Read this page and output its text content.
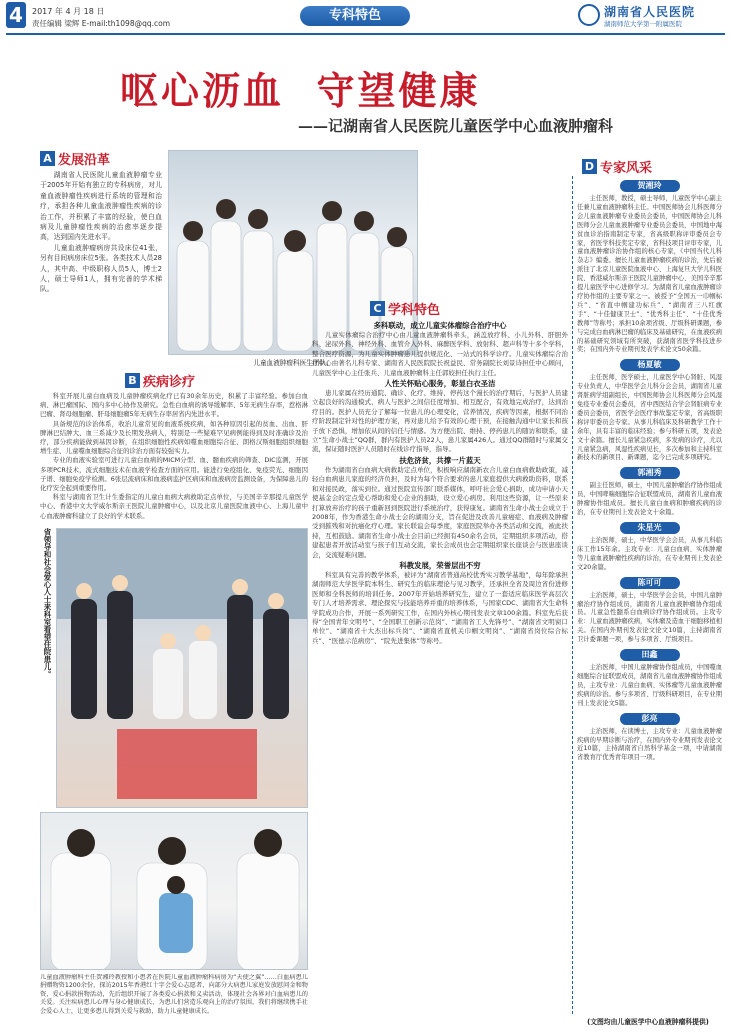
4	2017 年 4 月 18 日
责任编辑 梁辉 E-mail:th1098@qq.com
专科特色	湖南省人民医院
湖南师范大学第一附属医院
呕心沥血  守望健康
——记湖南省人民医院儿童医学中心血液肿瘤科
A 发展沿革

湖南省人民医院儿童血液肿瘤专业于2005年开始有独立的专科病房，对儿童血液肿瘤性疾病进行系统的管理和治疗，承担各种儿童血液肿瘤性疾病的诊治工作，并积累了丰富的经验，使白血病及儿童肿瘤性疾病的治愈率逐步提高，达到国内先进水平。

儿童血液肿瘤病房共设床位41张，另有目间病房床位5张。各类技术人员28人，其中高、中级职称人员5人，博士2人，硕士导师1人，拥有完善的学术梯队。

儿童血液肿瘤科医生团队。
B 疾病诊疗

科室开展儿童白血病及儿童肿瘤疾病化疗已有30余年历史，积累了丰富经验。参加白血病、淋巴瘤国际、国内多中心协作及研究。急性白血病的诱导缓解率、5年无病生存率，惹格淋巴瘤、肾母细胞瘤、肝母细胞瘤5年无病生存率居省内先进水平。

具备规范的诊治体系，收治儿童常见的血液系统疾病，如各种原因引起的贫血、出血、肝脾淋巴结肿大、血三系减少及长期发热病人，特别是一些疑难罕见病例能得到及时准确诊及治疗，部分疾病能做到基因诊断，在组织细胞性疾病如噬血细胞综合征、朗格汉斯细胞组织细胞增生症、儿童噬血细胞综合征的诊治方面有较强实力。

专业的血液实验室可进行儿童白血病的MICM分型、血、髓血疾病的筛查、DIC监测，开展多项PCR技术，流式细胞技术在血液学检查方面的应用。能进行免疫组化、免疫荧光、细胞因子谱、细胞免疫学检测。6张层流病床和血液病监护区病床和血液病房监测设备，为保障患儿的化疗安全起到重要作用。

科室与湖南省卫生计生委指定的儿童白血病大病救助定点单位，与美国辛辛那提儿童医学中心、香港中文大学威尔斯亲王医院儿童肿瘤中心，以及北京儿童医院血液中心、上海儿童中心血液肿瘤科建立了良好的学术联系。

省领导和社会爱心人士来科室看望住院患儿。
儿童血液肿瘤科主任贺湘玲教授和小患者在医院儿童血液肿瘤科病房为“天使之翼”……白血病患儿捐赠物资1200余份，探访2015年香港红十字会爱心志愿者，向部分大病患儿家庭发放慰问金和物资，爱心捐款捐物活动，先后组织开展了各类爱心捐款和义卖活动，体现社会各界对白血病患儿的关爱。关注疾病患儿心理与身心健康成长，为患儿们营造乐观向上的治疗氛围，我们将继续携手社会爱心人士，让更多患儿得到关爱与救助，助力儿童健康成长。
C 学科特色
多科联动，成立儿童实体瘤综合治疗中心

儿童实体瘤综合治疗中心由儿童血液肿瘤科牵头，涵盖放疗科、小儿外科、肝胆外科、泌尿外科、神经外科、血管介入外科、麻醉医学科、放射科、超声科等十多个学科，整合医疗资源，为儿童实体肿瘤患儿提供规范化、一站式的科学诊疗。儿童实体瘤综合治疗中心由著名儿科专家、湖南省人民医院院长祝益民、常务副院长刘景诗担任中心顾问，儿童医学中心主任张兵、儿童血液肿瘤科主任郭姣担任执行主任。

人性关怀贴心服务，彰显白衣圣洁

患儿家属在经历通院、确诊、化疗、维持、停药这个漫长的治疗期后，与医护人员建立起良好的沟通模式，病人与医护之间信任度增加、相互配合，有效地完成治疗，达到治疗目的。医护人员充分了解每一位患儿的心理变化，营养情况，疾病等因素，根据不同治疗阶段制定针对性的护理方案，再对患儿给予有效的心理干预，在接触沟通中让家长和孩子放下恐惧，增加依从间的信任与情感。为方便出院、维持、停药患儿的随访和联系，建立“生命小战士”QQ群，群内有医护人员22人，患儿家属426人。通过QQ群随时与家属交流，保证随时医护人员随时在线诊疗指导，指导。

扶危济贫，共撑一片蓝天

作为湖南省白血病大病救助定点单位，积极响应湖南新农合儿童白血病救助政策，减轻白血病患儿家庭的经济负担，及时为每个符合要求的患儿家庭提供大病救助资料，联系和对接民政，落实到位。通过医院宣传部门联系媒体，呼吁社会爱心捐助，成功申请小天使基金会的定点爱心帮助和爱心企业的捐助，设立爱心病房。利用这些资源，让一些原来打算放弃治疗的孩子重新回到医院进行系统治疗，获得康复。湖南省生命小战士会成立于2008年，作为香港生命小战士会的湖南分支，旨在促进及改善儿童癌症、血液病及肿瘤受到摧残和对抗癌化疗心理。家长联谊会每季度，家庭医院举办各类活动和交流，被此扶持，互相鼓励。湖南省生命小战士会目前已经拥有450余名会员，定期组织多项活动，搭建起患者开放活动室与孩子们互动交流，家长会成员也会定期组织家长座谈会与医患座谈会，交流疑难问题。

科教发展，荣誉层出不穷

科室具有完善的教学体系，被评为“湖南省普通高校优秀实习教学基地”，每年除承担湖南师范大学医学院本科生、研究生的临床理论与见习教学，还承担全省及周边省份进修医师和全科医师的培训任务。2007年开始培养研究生，建立了一套适应临床医学高层次专门人才培养需求、理论探究与技能培养并重的培养体系，与国家CDC、湖南省大生命科学院成功合作，开展一系列研究工作，在国内外核心期刊发表文章100余篇。科室先后获得“全国青年文明号”、“全国职工创新示范岗”、“湖南省工人先锋号”、“湖南省文明窗口单位”、“湖南省十大杰出标兵岗”、“湖南省直机关巾帼文明岗”、“湖南省岗位综合标兵”、“医德示范病房”、“院先进集体”等称号。

D 专家风采
贺湘玲

主任医师，教授，硕士导师，儿童医学中心副主任兼儿童血液肿瘤科主任。中国医师协会儿科医师分会儿童血液肿瘤专业委员会委员，中国医师协会儿科医师分会儿童血液肿瘤专业委员会委员，中国地中海贫血诊治指南制定专家，省高级职称评审委员会专家，省医学科技奖定专家，省科技项目评审专家，儿童血液肿瘤诊治协作组的核心专家，《中国当代儿科杂志》编委。擅长儿童血液肿瘤疾病的诊治，先后被派往了北京儿童医院血液中心、上海复旦大学儿科医院、香港威尔斯亲王医院儿童肿瘤中心、美国辛辛那提儿童医学中心进修学习。为湖南省儿童血液肿瘤诊疗协作组的主要专家之一。被授予“全国五一巾帼标兵”、“省直中帼建功标兵”、“湖南省三八红旗手”、“十佳健康卫士”、“优秀科主任”、“十佳优秀教师”等称号；承担10余项省级、厅级科研课题，参与完成白血病淋巴瘤的临床及基础研究，在血液疾病的基础研究领域有所突破，获湖南省医学科技进步奖；在国内外专业期刊发表学术论文50余篇。

杨夏敏

主任医师，医学硕士，儿童医学中心肾脏、风湿专业负责人，中华医学会儿科分会会员，湖南省儿童肾脏病学组副组长，中国医师协会儿科医师分会风湿免疫专业委员会委员，省中西医结合学会肾脏病专业委员会委员，省医学会医疗事故鉴定专家，省高级职称评审委员会专家。从事儿科临床及科研教学工作十余年，具有丰富的临床经验；参与科研五项，发表论文十余篇。擅长儿童紧急疾病，多发病的诊疗，尤以儿童紧急病，风湿性疾病见长，多次参加和主持科室新技术的新项目、新课题，迄今已完成多项研究。

郭湘秀

副主任医师，硕士，中国儿童肿瘤治疗协作组成员，中国哮喘细胞综合征联盟成员，湖南省儿童血液肿瘤协作组成员。擅长儿童白血病和肿瘤疾病的诊治，在专业期刊上发表论文十余篇。

朱星光

主治医师，硕士，中华医学会会员，从事儿科临床工作15年余。主攻专业：儿童白血病、实体肿瘤等儿童血液肿瘤性疾病的诊治，在专业期刊上发表论文20余篇。

陈可可

主治医师，硕士，中华医学会会员，中国儿童肿瘤治疗协作组成员，湖南省儿童血液肿瘤协作组成员。儿童急性髓系白血病诊疗协作组成员。主攻专业：儿童血液肿瘤疾病，实体瘤及造血干细胞移植相关。在国内外期刊发表论文论文10篇，主持湖南省卫计委课题一项，参与多项省、厅级项目。

田鑫

主治医师，中国儿童肿瘤协作组成员，中国噬血细胞综合征联盟成员，湖南省儿童血液肿瘤协作组成员，主攻专业：儿童白血病、实体瘤等儿童血液肿瘤疾病的诊治。参与多项省、厅级科研项目，在专业期刊上发表论文5篇。

彭亮

主治医师，在读博士，主攻专业：儿童血液肿瘤疾病的早期诊断与治疗，在国内外专业期刊发表论文近10篇，主持湖南省自然科学基金一项，中请湖南省教育厅优秀青年项目一项。

(文图均由儿童医学中心血液肿瘤科提供)
